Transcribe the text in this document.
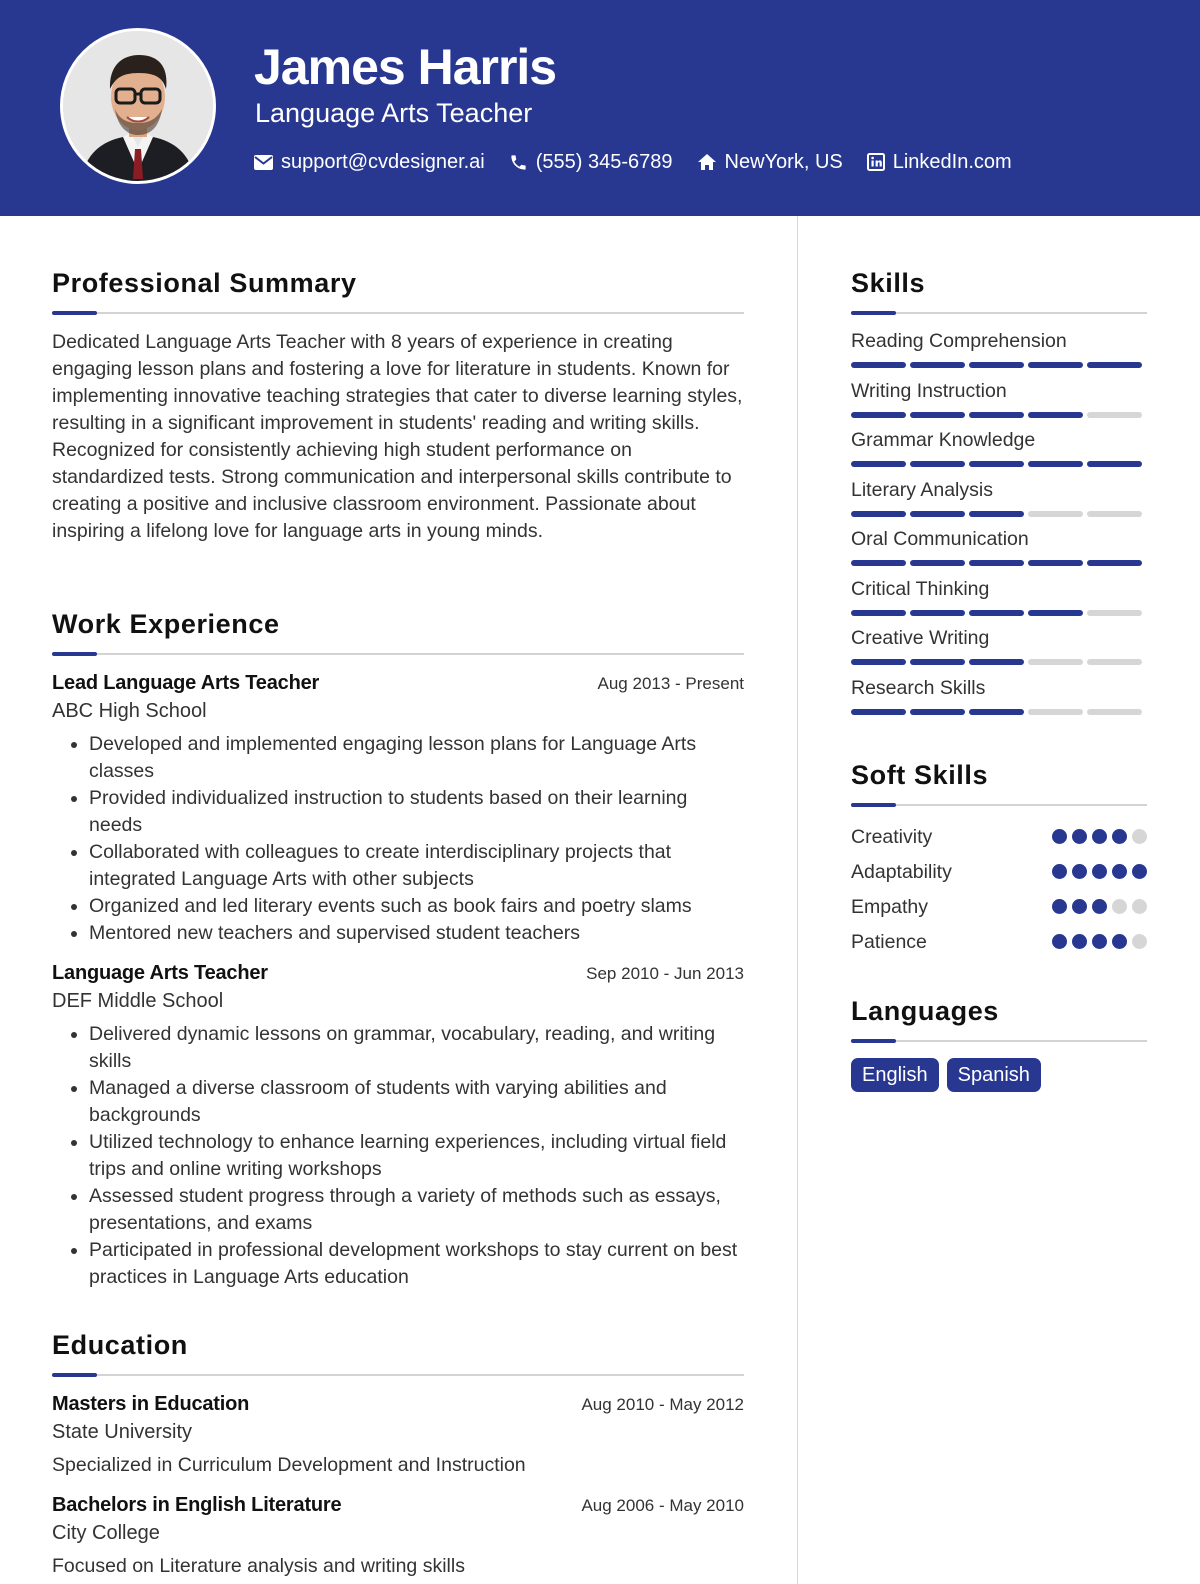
James Harris
Language Arts Teacher
support@cvdesigner.ai	(555) 345-6789	NewYork, US	LinkedIn.com
Professional Summary

Dedicated Language Arts Teacher with 8 years of experience in creating engaging lesson plans and fostering a love for literature in students. Known for implementing innovative teaching strategies that cater to diverse learning styles, resulting in a significant improvement in students' reading and writing skills. Recognized for consistently achieving high student performance on standardized tests. Strong communication and interpersonal skills contribute to creating a positive and inclusive classroom environment. Passionate about inspiring a lifelong love for language arts in young minds.

Work Experience
Lead Language Arts Teacher	Aug 2013 - Present
ABC High School
• Developed and implemented engaging lesson plans for Language Arts classes
• Provided individualized instruction to students based on their learning needs
• Collaborated with colleagues to create interdisciplinary projects that integrated Language Arts with other subjects
• Organized and led literary events such as book fairs and poetry slams
• Mentored new teachers and supervised student teachers
Language Arts Teacher	Sep 2010 - Jun 2013
DEF Middle School
• Delivered dynamic lessons on grammar, vocabulary, reading, and writing skills
• Managed a diverse classroom of students with varying abilities and backgrounds
• Utilized technology to enhance learning experiences, including virtual field trips and online writing workshops
• Assessed student progress through a variety of methods such as essays, presentations, and exams
• Participated in professional development workshops to stay current on best practices in Language Arts education
Education
Masters in Education	Aug 2010 - May 2012
State University
Specialized in Curriculum Development and Instruction
Bachelors in English Literature	Aug 2006 - May 2010
City College
Focused on Literature analysis and writing skills
Skills
Reading Comprehension
Writing Instruction
Grammar Knowledge
Literary Analysis
Oral Communication
Critical Thinking
Creative Writing
Research Skills
Soft Skills
Creativity
Adaptability
Empathy
Patience
Languages
English	Spanish
